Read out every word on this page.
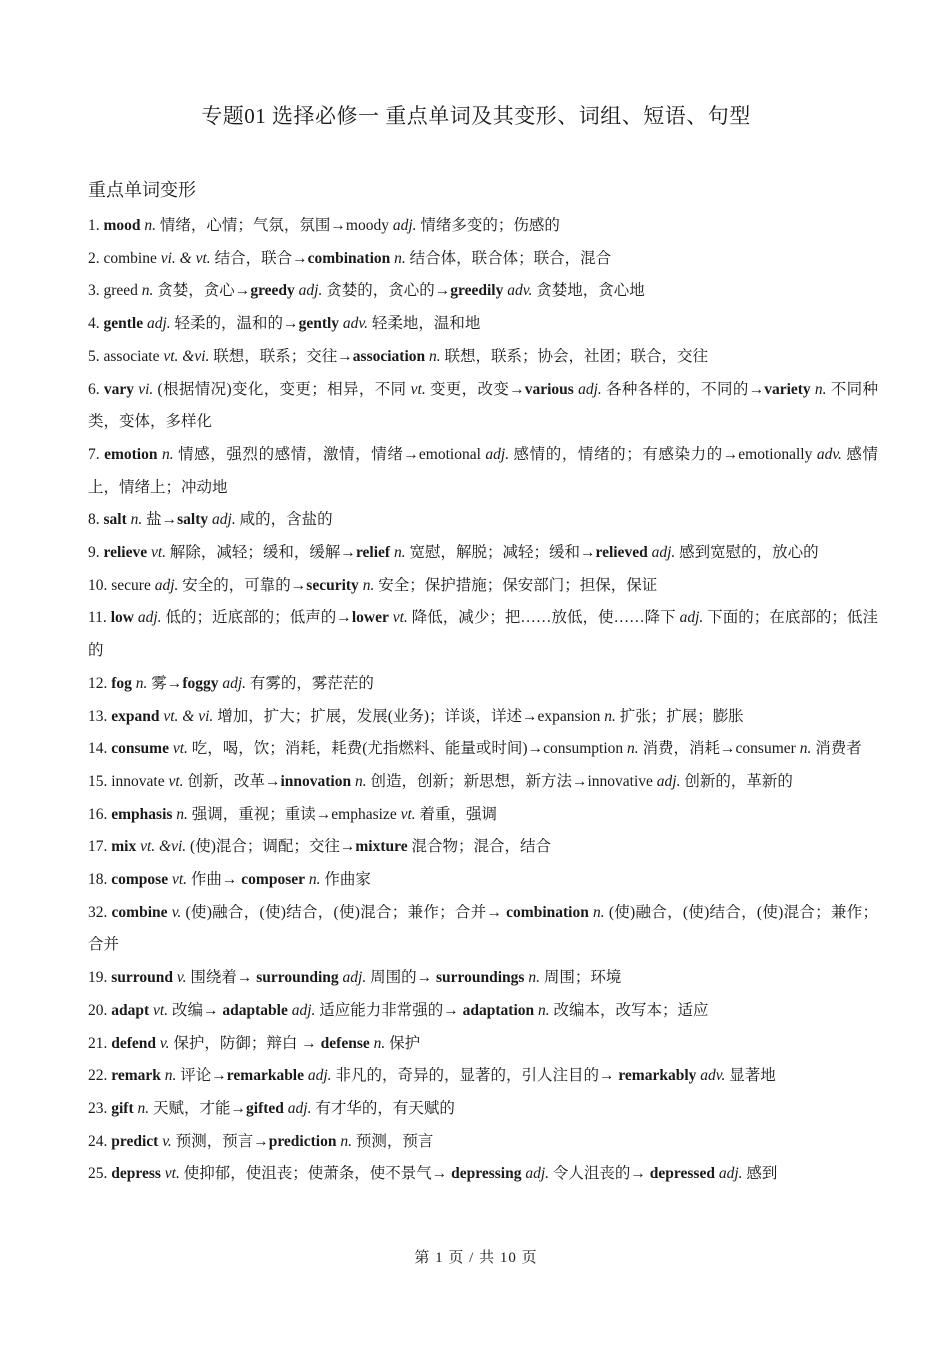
专题01 选择必修一 重点单词及其变形、词组、短语、句型
重点单词变形

1. mood n. 情绪，心情；气氛，氛围→moody adj. 情绪多变的；伤感的

2. combine vi. & vt. 结合，联合→combination n. 结合体，联合体；联合，混合

3. greed n. 贪婪，贪心→greedy adj. 贪婪的，贪心的→greedily adv. 贪婪地，贪心地

4. gentle adj. 轻柔的，温和的→gently adv. 轻柔地，温和地

5. associate vt. &vi. 联想，联系；交往→association n. 联想，联系；协会，社团；联合，交往

6. vary vi. (根据情况)变化，变更；相异，不同 vt. 变更，改变→various adj. 各种各样的，不同的→variety n. 不同种类，变体，多样化

7. emotion n. 情感，强烈的感情，激情，情绪→emotional adj. 感情的，情绪的；有感染力的→emotionally adv. 感情上，情绪上；冲动地

8. salt n. 盐→salty adj. 咸的，含盐的

9. relieve vt. 解除，减轻；缓和，缓解→relief n. 宽慰，解脱；减轻；缓和→relieved adj. 感到宽慰的，放心的

10. secure adj. 安全的，可靠的→security n. 安全；保护措施；保安部门；担保，保证

11. low adj. 低的；近底部的；低声的→lower vt. 降低，减少；把……放低，使……降下 adj. 下面的；在底部的；低洼的

12. fog n. 雾→foggy adj. 有雾的，雾茫茫的

13. expand vt. & vi. 增加，扩大；扩展，发展(业务)；详谈，详述→expansion n. 扩张；扩展；膨胀

14. consume vt. 吃，喝，饮；消耗，耗费(尤指燃料、能量或时间)→consumption n. 消费，消耗→consumer n. 消费者

15. innovate vt. 创新，改革→innovation n. 创造，创新；新思想，新方法→innovative adj. 创新的，革新的

16. emphasis n. 强调，重视；重读→emphasize vt. 着重，强调

17. mix vt. &vi. (使)混合；调配；交往→mixture 混合物；混合，结合

18. compose vt. 作曲→ composer n. 作曲家

32. combine v. (使)融合，(使)结合，(使)混合；兼作；合并→ combination n. (使)融合，(使)结合，(使)混合；兼作；合并

19. surround v. 围绕着→ surrounding adj. 周围的→ surroundings n. 周围；环境

20. adapt vt. 改编→ adaptable adj. 适应能力非常强的→ adaptation n. 改编本，改写本；适应

21. defend v. 保护，防御；辩白 → defense n. 保护

22. remark n. 评论→remarkable adj. 非凡的，奇异的，显著的，引人注目的→ remarkably adv. 显著地

23. gift n. 天赋，才能→gifted adj. 有才华的，有天赋的

24. predict v. 预测，预言→prediction n. 预测，预言

25. depress vt. 使抑郁，使沮丧；使萧条，使不景气→ depressing adj. 令人沮丧的→ depressed adj. 感到

第 1 页 / 共 10 页
